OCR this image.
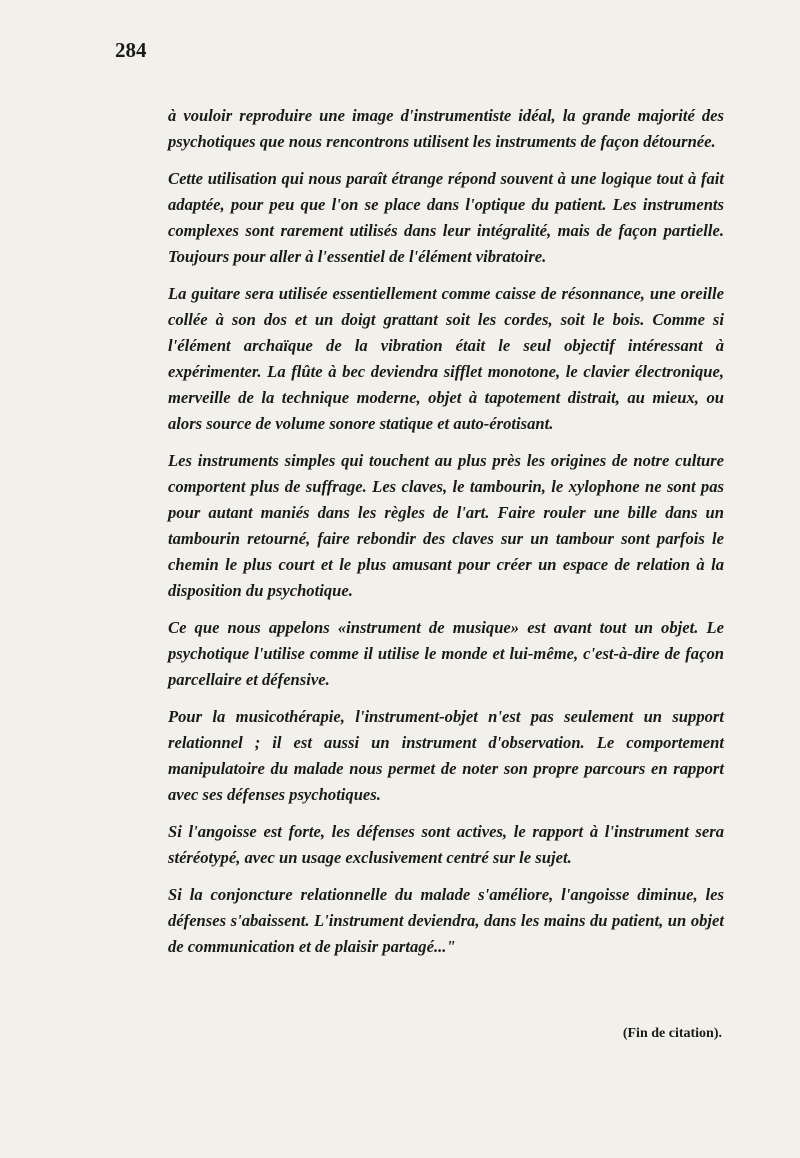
284

à vouloir reproduire une image d'instrumentiste idéal, la grande majorité des psychotiques que nous rencontrons utilisent les instruments de façon détournée.

Cette utilisation qui nous paraît étrange répond souvent à une logique tout à fait adaptée, pour peu que l'on se place dans l'optique du patient. Les instruments complexes sont rarement utilisés dans leur intégralité, mais de façon partielle. Toujours pour aller à l'essentiel de l'élément vibratoire.

La guitare sera utilisée essentiellement comme caisse de résonnance, une oreille collée à son dos et un doigt grattant soit les cordes, soit le bois. Comme si l'élément archaïque de la vibration était le seul objectif intéressant à expérimenter. La flûte à bec deviendra sifflet monotone, le clavier électronique, merveille de la technique moderne, objet à tapotement distrait, au mieux, ou alors source de volume sonore statique et auto-érotisant.

Les instruments simples qui touchent au plus près les origines de notre culture comportent plus de suffrage. Les claves, le tambourin, le xylophone ne sont pas pour autant maniés dans les règles de l'art. Faire rouler une bille dans un tambourin retourné, faire rebondir des claves sur un tambour sont parfois le chemin le plus court et le plus amusant pour créer un espace de relation à la disposition du psychotique.

Ce que nous appelons «instrument de musique» est avant tout un objet. Le psychotique l'utilise comme il utilise le monde et lui-même, c'est-à-dire de façon parcellaire et défensive.

Pour la musicothérapie, l'instrument-objet n'est pas seulement un support relationnel ; il est aussi un instrument d'observation. Le comportement manipulatoire du malade nous permet de noter son propre parcours en rapport avec ses défenses psychotiques.

Si l'angoisse est forte, les défenses sont actives, le rapport à l'instrument sera stéréotypé, avec un usage exclusivement centré sur le sujet.

Si la conjoncture relationnelle du malade s'améliore, l'angoisse diminue, les défenses s'abaissent. L'instrument deviendra, dans les mains du patient, un objet de communication et de plaisir partagé..."

(Fin de citation).
